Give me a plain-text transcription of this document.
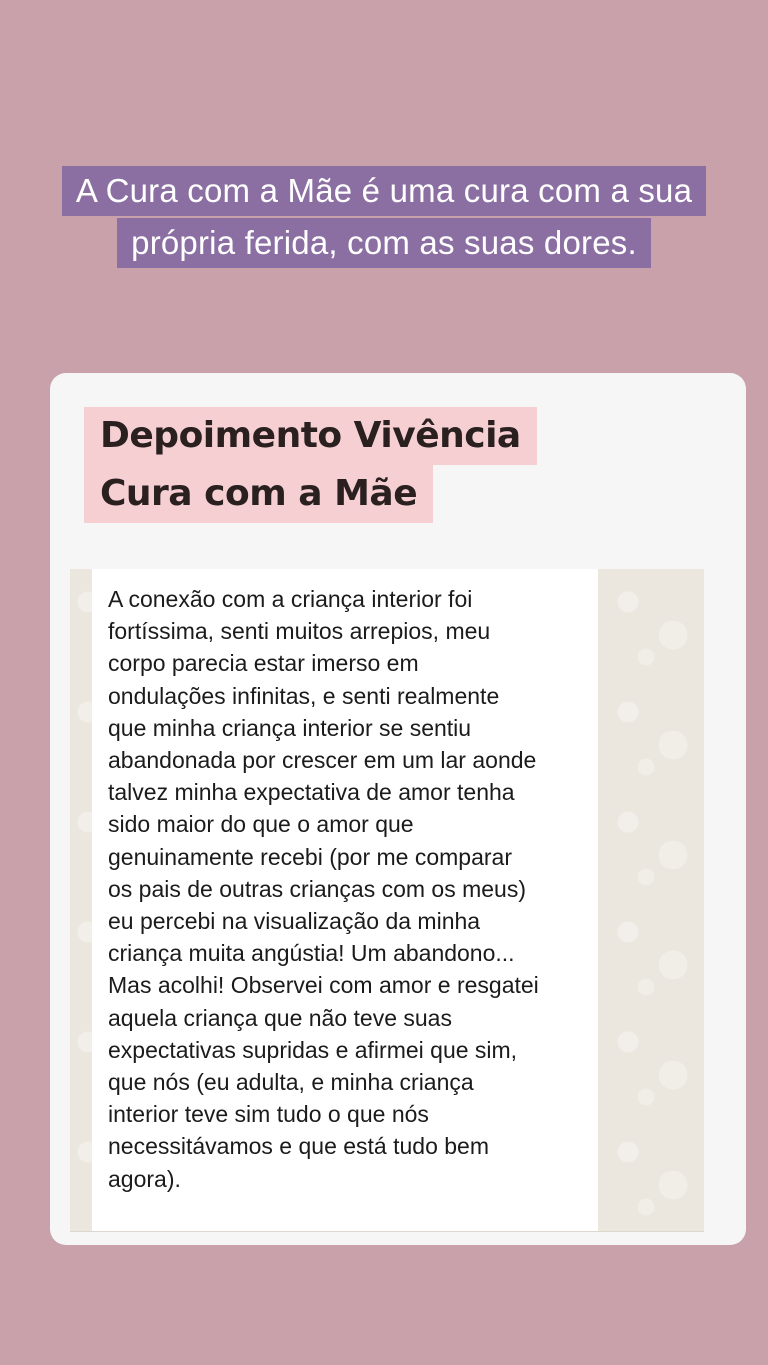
A Cura com a Mãe é uma cura com a sua
própria ferida, com as suas dores.
Depoimento Vivência
Cura com a Mãe

A conexão com a criança interior foi
fortíssima, senti muitos arrepios, meu
corpo parecia estar imerso em
ondulações infinitas, e senti realmente
que minha criança interior se sentiu
abandonada por crescer em um lar aonde
talvez minha expectativa de amor tenha
sido maior do que o amor que
genuinamente recebi (por me comparar
os pais de outras crianças com os meus)
eu percebi na visualização da minha
criança muita angústia! Um abandono...
Mas acolhi! Observei com amor e resgatei
aquela criança que não teve suas
expectativas supridas e afirmei que sim,
que nós (eu adulta, e minha criança
interior teve sim tudo o que nós
necessitávamos e que está tudo bem
agora).
